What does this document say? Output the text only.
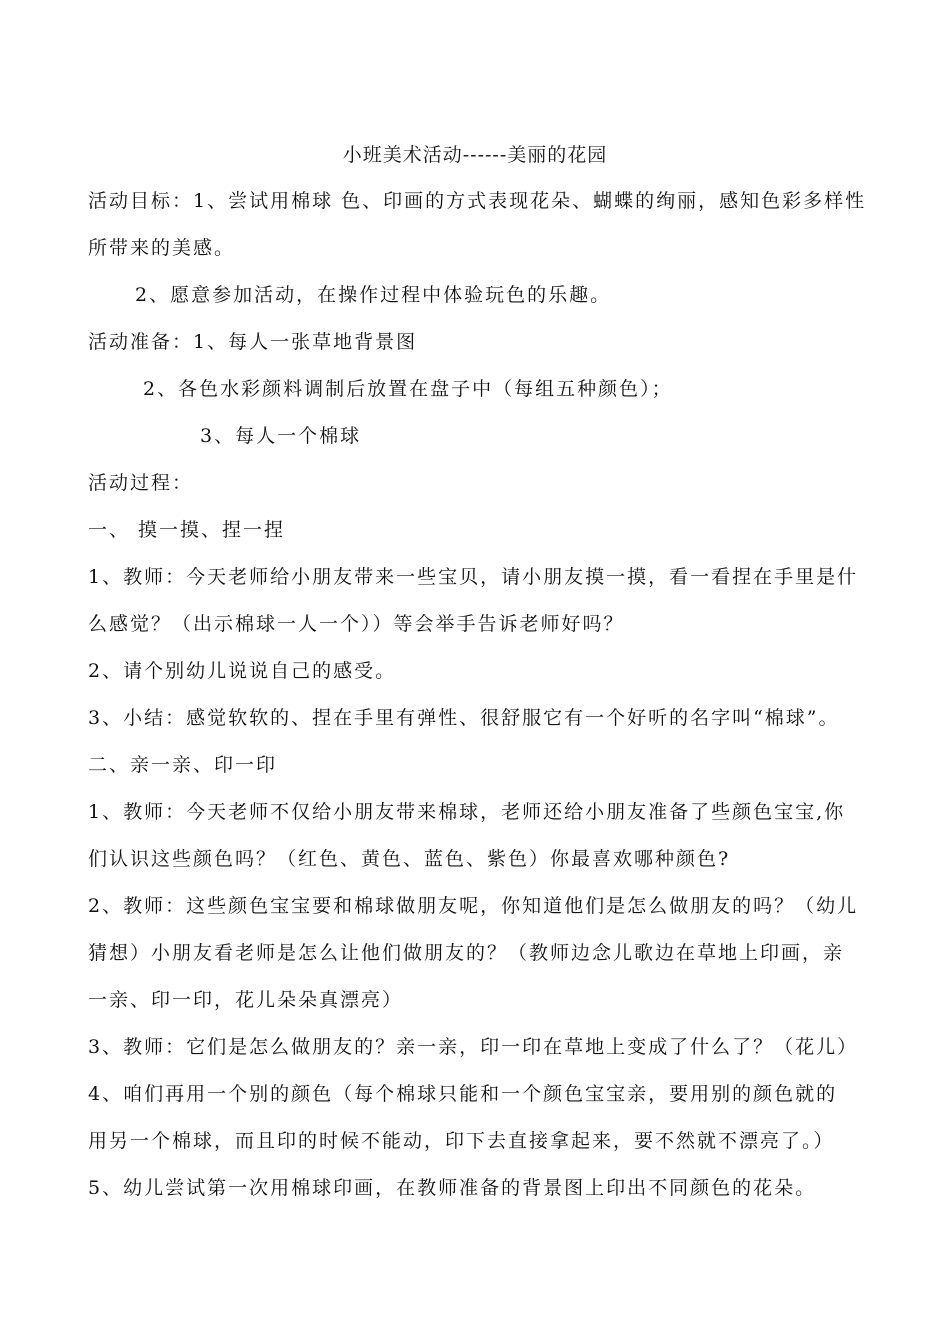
小班美术活动------美丽的花园
活动目标：1、尝试用棉球 色、印画的方式表现花朵、蝴蝶的绚丽，感知色彩多样性
所带来的美感。
2、愿意参加活动，在操作过程中体验玩色的乐趣。
活动准备：1、每人一张草地背景图
2、各色水彩颜料调制后放置在盘子中（每组五种颜色）；
3、每人一个棉球
活动过程：
一、 摸一摸、捏一捏
1、教师：今天老师给小朋友带来一些宝贝，请小朋友摸一摸，看一看捏在手里是什
么感觉？（出示棉球一人一个））等会举手告诉老师好吗？
2、请个别幼儿说说自己的感受。
3、小结：感觉软软的、捏在手里有弹性、很舒服它有一个好听的名字叫“棉球”。
二、亲一亲、印一印
1、教师：今天老师不仅给小朋友带来棉球，老师还给小朋友准备了些颜色宝宝,你
们认识这些颜色吗？（红色、黄色、蓝色、紫色）你最喜欢哪种颜色?
2、教师：这些颜色宝宝要和棉球做朋友呢，你知道他们是怎么做朋友的吗？（幼儿
猜想）小朋友看老师是怎么让他们做朋友的？（教师边念儿歌边在草地上印画，亲
一亲、印一印，花儿朵朵真漂亮）
3、教师：它们是怎么做朋友的？亲一亲，印一印在草地上变成了什么了？（花儿）
4、咱们再用一个别的颜色（每个棉球只能和一个颜色宝宝亲，要用别的颜色就的
用另一个棉球，而且印的时候不能动，印下去直接拿起来，要不然就不漂亮了。）
5、幼儿尝试第一次用棉球印画，在教师准备的背景图上印出不同颜色的花朵。
